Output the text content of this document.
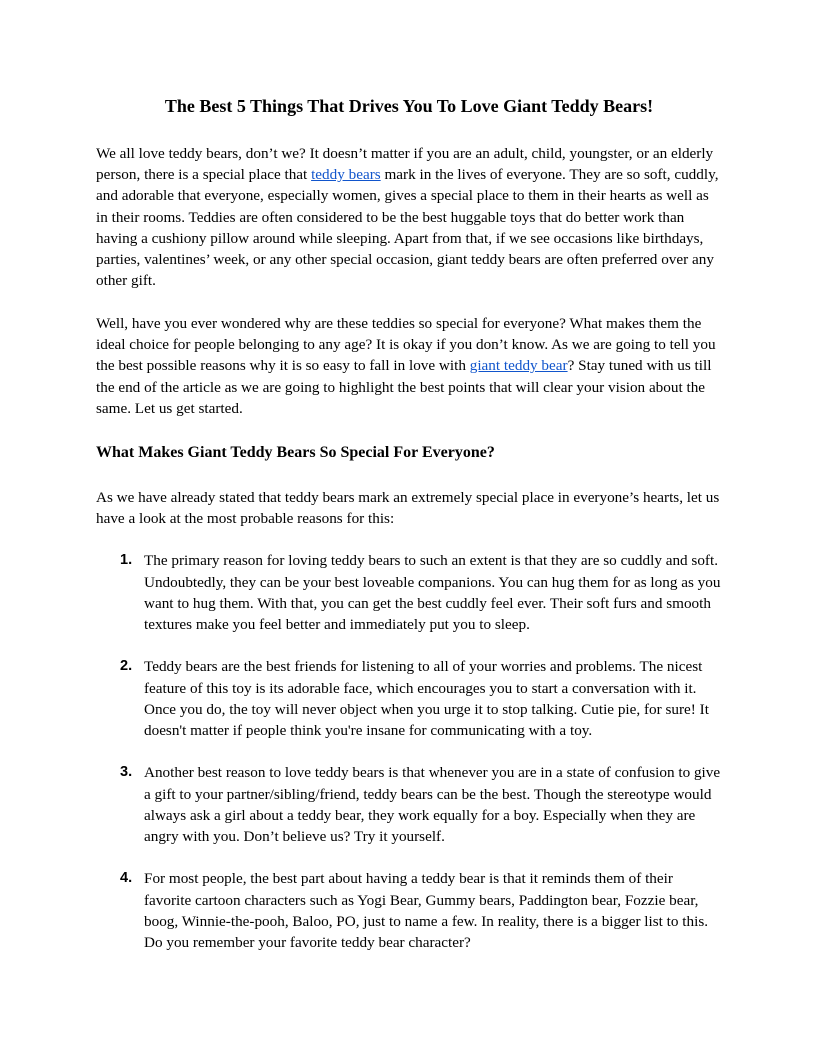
The Best 5 Things That Drives You To Love Giant Teddy Bears!

We all love teddy bears, don’t we? It doesn’t matter if you are an adult, child, youngster, or an elderly person, there is a special place that teddy bears mark in the lives of everyone. They are so soft, cuddly, and adorable that everyone, especially women, gives a special place to them in their hearts as well as in their rooms. Teddies are often considered to be the best huggable toys that do better work than having a cushiony pillow around while sleeping. Apart from that, if we see occasions like birthdays, parties, valentines’ week, or any other special occasion, giant teddy bears are often preferred over any other gift.

Well, have you ever wondered why are these teddies so special for everyone? What makes them the ideal choice for people belonging to any age? It is okay if you don’t know. As we are going to tell you the best possible reasons why it is so easy to fall in love with giant teddy bear? Stay tuned with us till the end of the article as we are going to highlight the best points that will clear your vision about the same. Let us get started.

What Makes Giant Teddy Bears So Special For Everyone?

As we have already stated that teddy bears mark an extremely special place in everyone’s hearts, let us have a look at the most probable reasons for this:

1. The primary reason for loving teddy bears to such an extent is that they are so cuddly and soft. Undoubtedly, they can be your best loveable companions. You can hug them for as long as you want to hug them. With that, you can get the best cuddly feel ever. Their soft furs and smooth textures make you feel better and immediately put you to sleep.
2. Teddy bears are the best friends for listening to all of your worries and problems. The nicest feature of this toy is its adorable face, which encourages you to start a conversation with it. Once you do, the toy will never object when you urge it to stop talking. Cutie pie, for sure! It doesn't matter if people think you're insane for communicating with a toy.
3. Another best reason to love teddy bears is that whenever you are in a state of confusion to give a gift to your partner/sibling/friend, teddy bears can be the best. Though the stereotype would always ask a girl about a teddy bear, they work equally for a boy. Especially when they are angry with you. Don’t believe us? Try it yourself.
4. For most people, the best part about having a teddy bear is that it reminds them of their favorite cartoon characters such as Yogi Bear, Gummy bears, Paddington bear, Fozzie bear, boog, Winnie-the-pooh, Baloo, PO, just to name a few. In reality, there is a bigger list to this. Do you remember your favorite teddy bear character?
